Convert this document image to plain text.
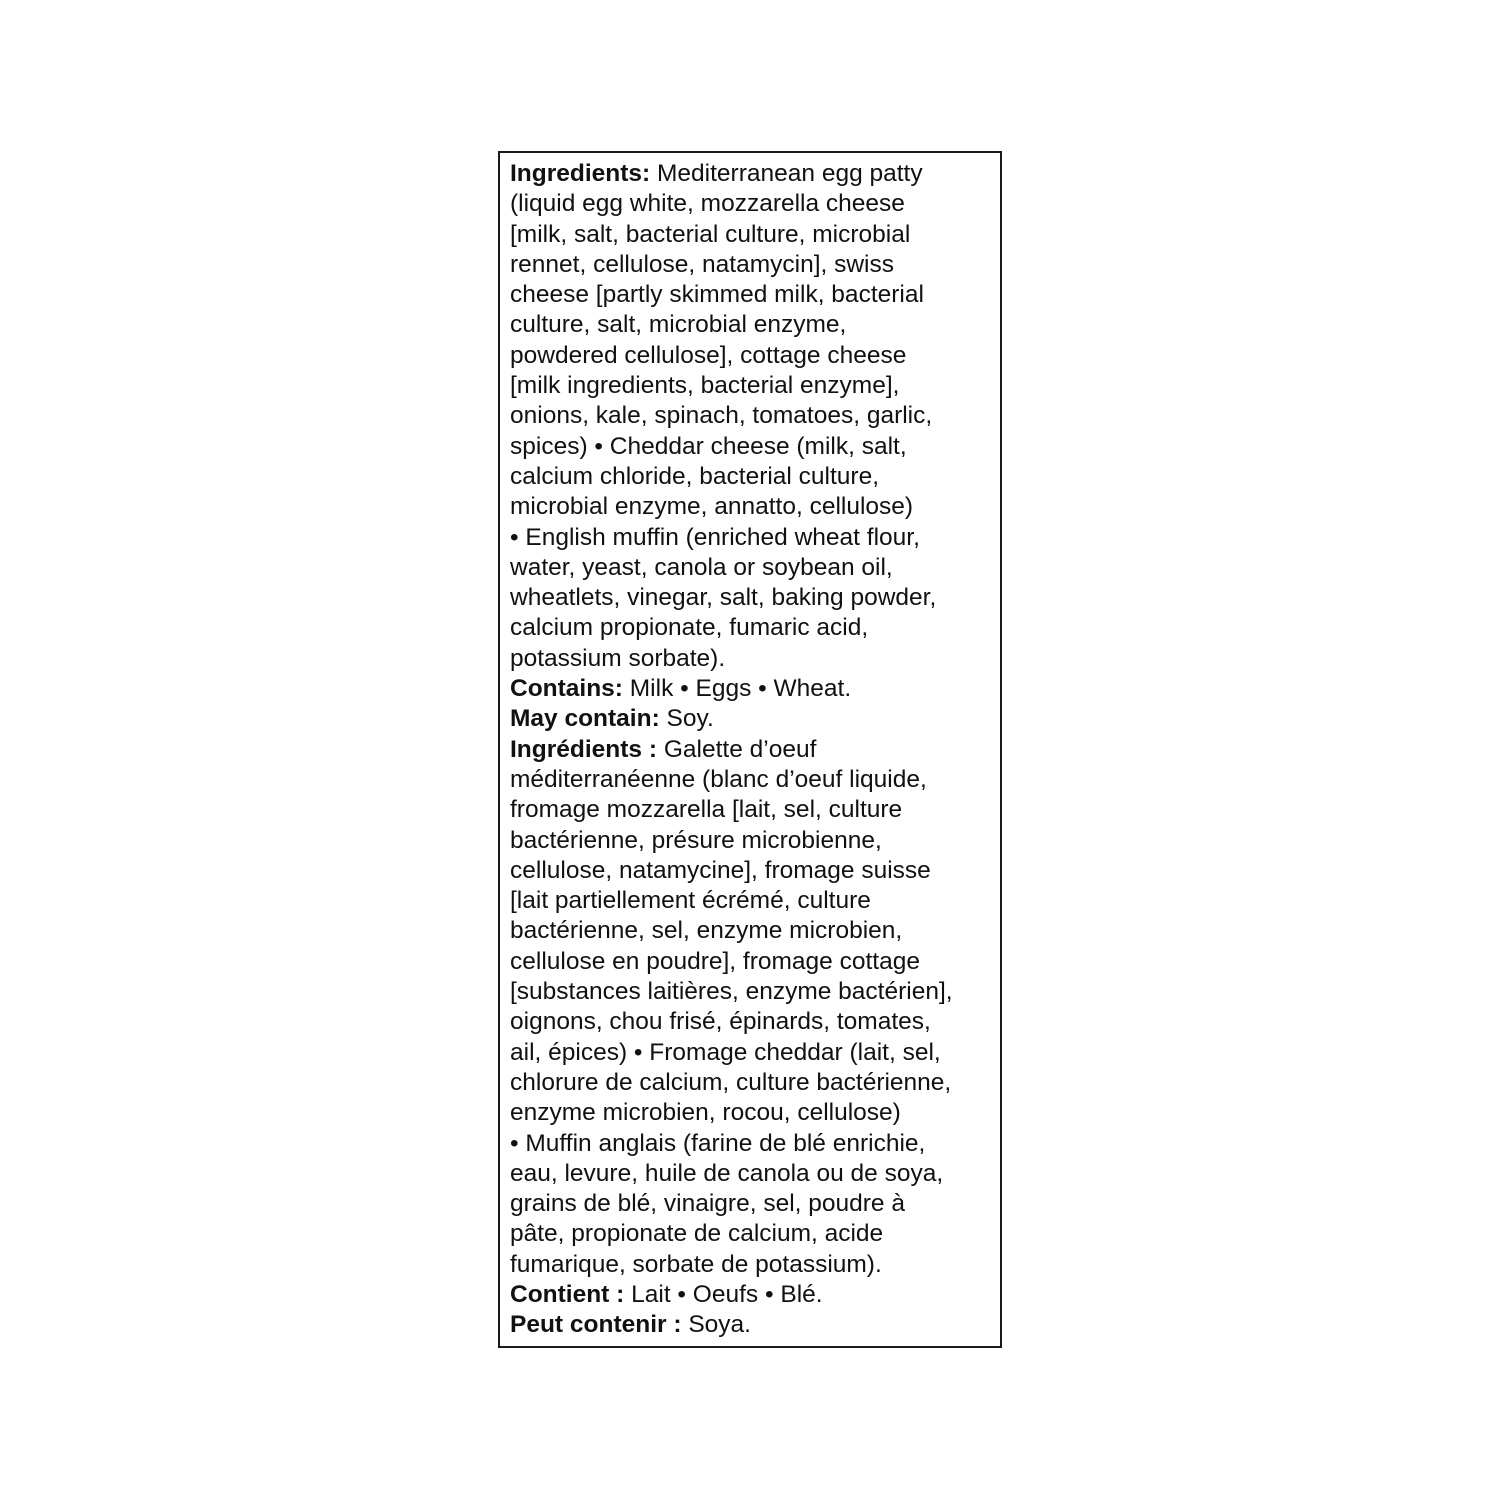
Ingredients: Mediterranean egg patty
(liquid egg white, mozzarella cheese
[milk, salt, bacterial culture, microbial
rennet, cellulose, natamycin], swiss
cheese [partly skimmed milk, bacterial
culture, salt, microbial enzyme,
powdered cellulose], cottage cheese
[milk ingredients, bacterial enzyme],
onions, kale, spinach, tomatoes, garlic,
spices) • Cheddar cheese (milk, salt,
calcium chloride, bacterial culture,
microbial enzyme, annatto, cellulose)
• English muffin (enriched wheat flour,
water, yeast, canola or soybean oil,
wheatlets, vinegar, salt, baking powder,
calcium propionate, fumaric acid,
potassium sorbate).
Contains: Milk • Eggs • Wheat.
May contain: Soy.
Ingrédients : Galette d’oeuf
méditerranéenne (blanc d’oeuf liquide,
fromage mozzarella [lait, sel, culture
bactérienne, présure microbienne,
cellulose, natamycine], fromage suisse
[lait partiellement écrémé, culture
bactérienne, sel, enzyme microbien,
cellulose en poudre], fromage cottage
[substances laitières, enzyme bactérien],
oignons, chou frisé, épinards, tomates,
ail, épices) • Fromage cheddar (lait, sel,
chlorure de calcium, culture bactérienne,
enzyme microbien, rocou, cellulose)
• Muffin anglais (farine de blé enrichie,
eau, levure, huile de canola ou de soya,
grains de blé, vinaigre, sel, poudre à
pâte, propionate de calcium, acide
fumarique, sorbate de potassium).
Contient : Lait • Oeufs • Blé.
Peut contenir : Soya.
